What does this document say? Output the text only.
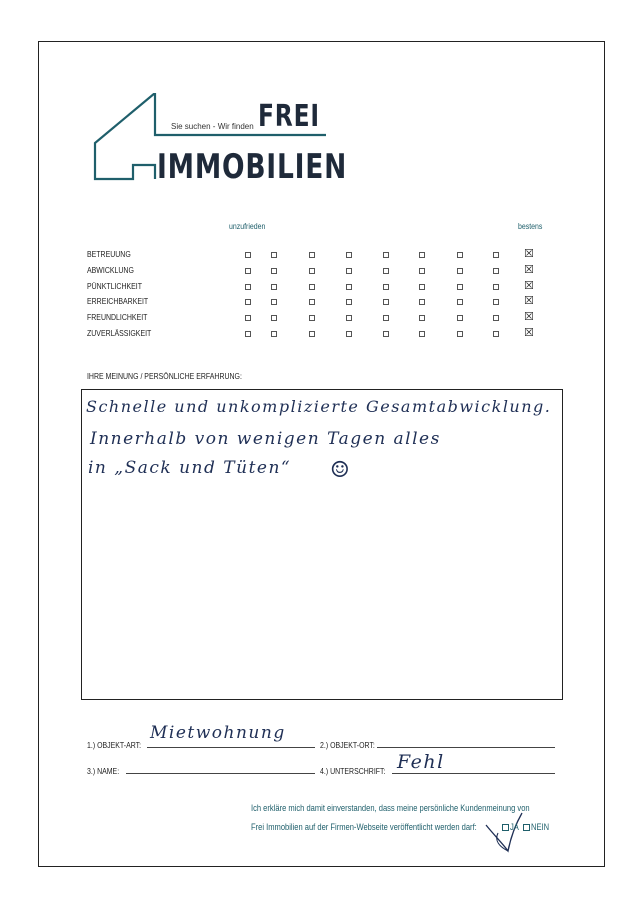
Sie suchen - Wir finden FREI
IMMOBILIEN
unzufrieden	bestens
BETREUUNG	☒
ABWICKLUNG	☒
PÜNKTLICHKEIT	☒
ERREICHBARKEIT	☒
FREUNDLICHKEIT	☒
ZUVERLÄSSIGKEIT	☒
IHRE MEINUNG / PERSÖNLICHE ERFAHRUNG:
Schnelle und unkomplizierte Gesamtabwicklung.
Innerhalb von wenigen Tagen alles
in „Sack und Tüten“ ☺
1.) OBJEKT-ART:
Mietwohnung
2.) OBJEKT-ORT:
3.) NAME:	4.) UNTERSCHRIFT: Fehl
Ich erkläre mich damit einverstanden, dass meine persönliche Kundenmeinung von
Frei Immobilien auf der Firmen-Webseite veröffentlicht werden darf:	JA NEIN
